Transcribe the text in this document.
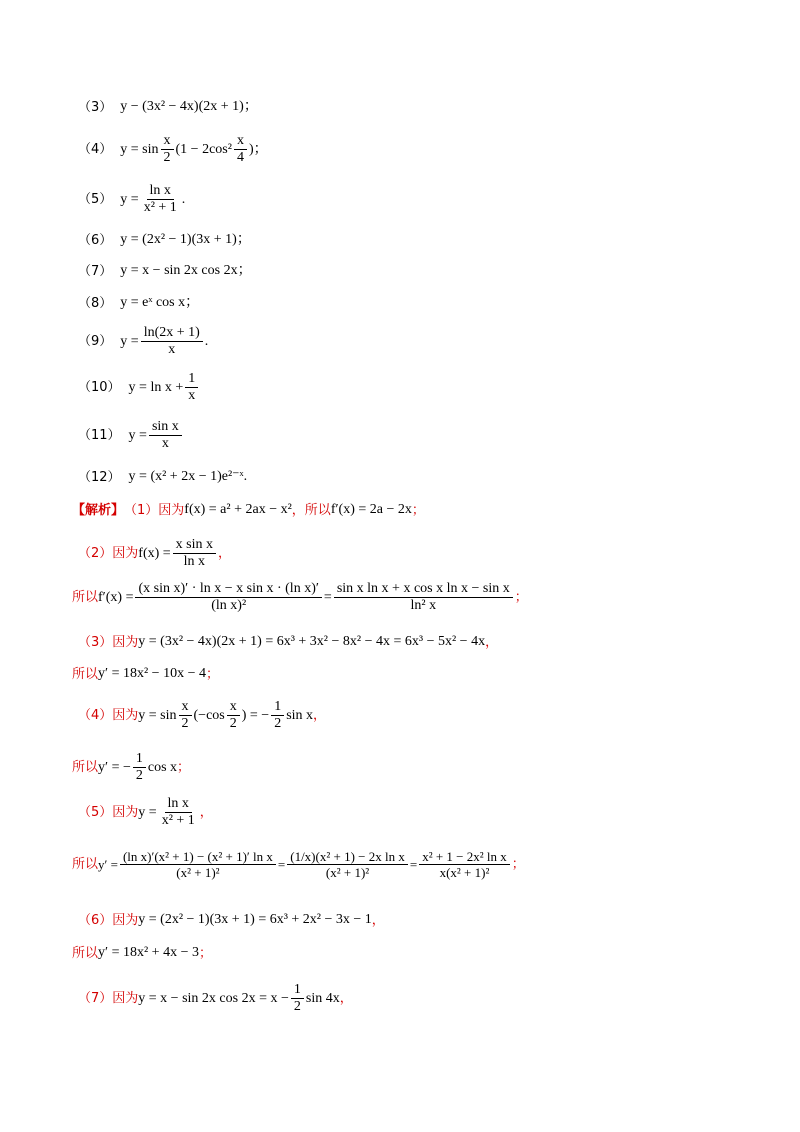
（3） y − (3x² − 4x)(2x + 1)；
（4） $y = \sin \frac{x}{2} (1 - 2\cos^2 \frac{x}{4}$ )；
（5） $y = \frac{\text{ln x}}{\text{x² + 1}}$ .
（6） y = (2x² − 1)(3x + 1)；
（7） y = x − sin 2x cos 2x；
（8） y = eˣ cos x；
（9） $y = \frac{\ln(2x + 1)}{x}$ .
（10） $y = \ln x + \frac{1}{x}$
（11） $y = \frac{\text{sin x}}{x}$
（12） y = (x² + 2x − 1)e²⁻ˣ.
【解析】 （1）因为 f(x) = a² + 2ax − x² ，所以 f′(x) = 2a − 2x ；
（2）因为 $f(x) = \frac{\text{x sin x}}{\text{ln x}}$ ，
所以 $f'(x) = \frac{\text{(x sin x)′ · ln x − x sin x · (ln x)′}}{\text{(ln x)²}} = \frac{\text{sin x ln x + x cos x ln x − sin x}}{\text{ln² x}}$ ；
（3）因为 y = (3x² − 4x)(2x + 1) = 6x³ + 3x² − 8x² − 4x = 6x³ − 5x² − 4x ，
所以 y′ = 18x² − 10x − 4 ；
（4）因为 $y = \sin \frac{x}{2} (-\cos \frac{x}{2}$ ) = − $\frac{1}{2}$ sin x ，
所以 y′ = − $\frac{1}{2}$ cos x ；
（5）因为 $y = \frac{\text{ln x}}{\text{x² + 1}}$ ，
所以 $y' = \frac{\text{(ln x)′(x² + 1) − (x² + 1)′ ln x}}{\text{(x² + 1)²}} = \frac{\text{(1/x)(x² + 1) − 2x ln x}}{\text{(x² + 1)²}} = \frac{\text{x² + 1 − 2x² ln x}}{\text{x(x² + 1)²}}$ ；
（6）因为 y = (2x² − 1)(3x + 1) = 6x³ + 2x² − 3x − 1 ，
所以 y′ = 18x² + 4x − 3 ；
（7）因为 y = x − sin 2x $\cos 2x = x - \frac{1}{2}$ sin 4x ，
